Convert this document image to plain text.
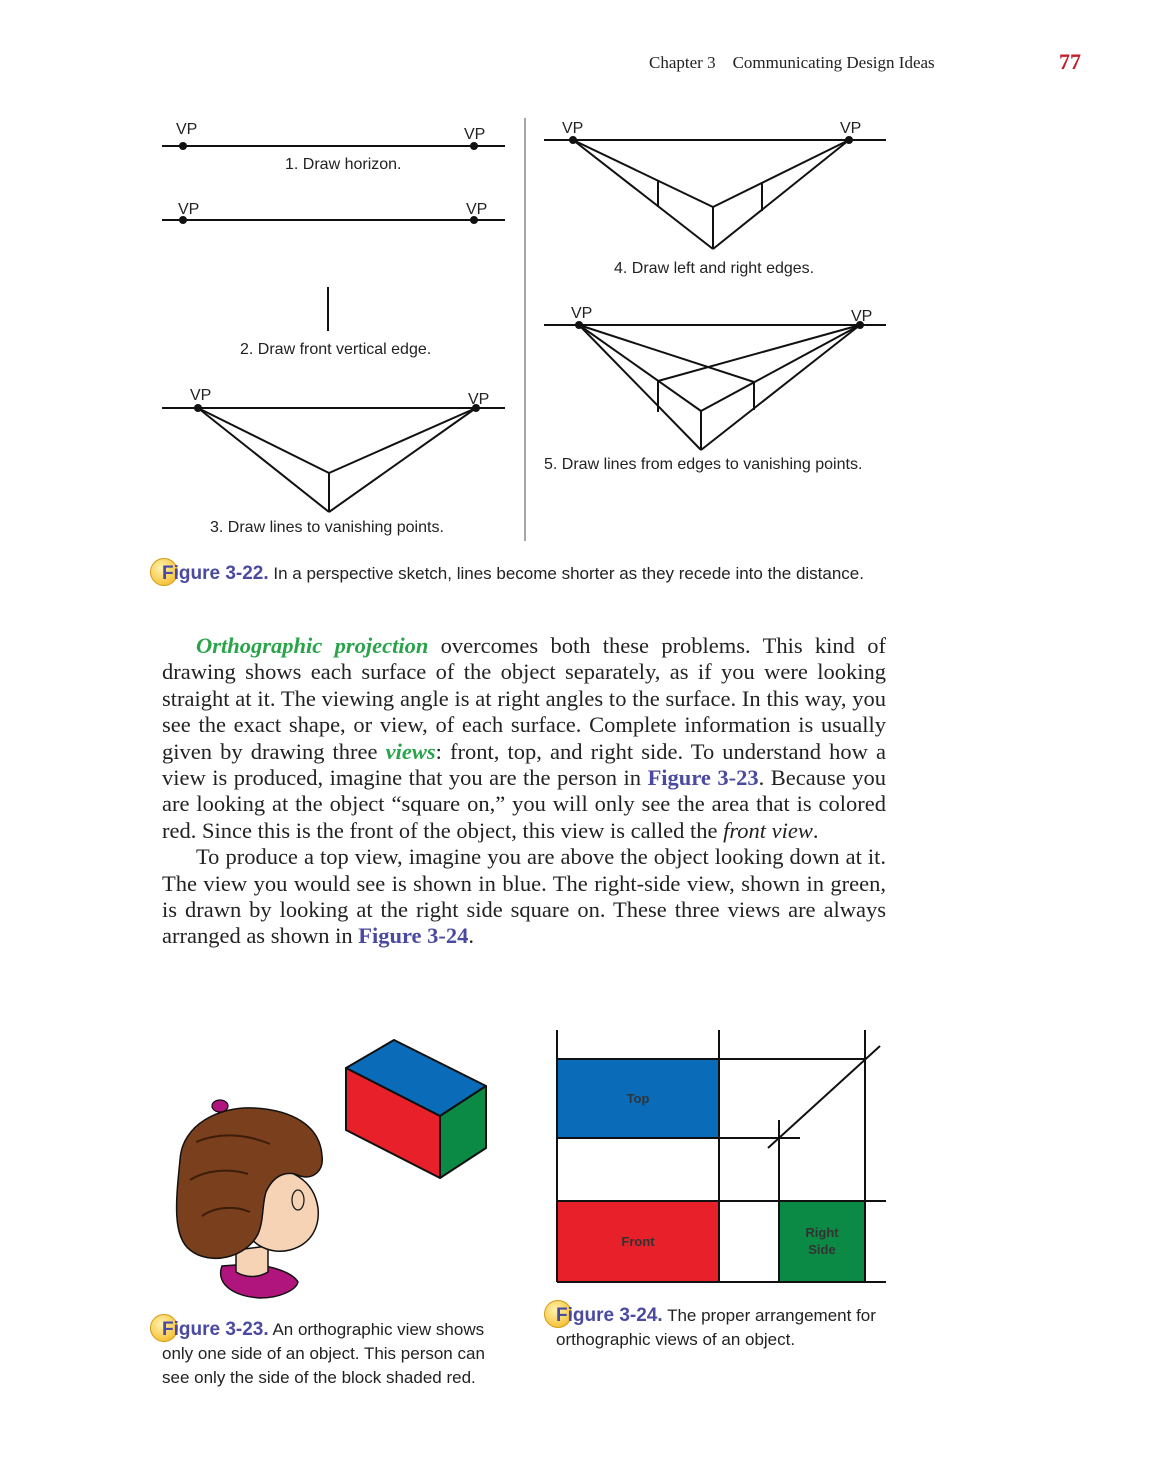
Chapter 3 Communicating Design Ideas	77
VP	VP
VP	VP
VP	VP
VP	VP
VP	VP
1. Draw horizon.
2. Draw front vertical edge.
3. Draw lines to vanishing points.
4. Draw left and right edges.
5. Draw lines from edges to vanishing points.
Figure 3-22. In a perspective sketch, lines become shorter as they recede into the distance.

Orthographic projection overcomes both these problems. This kind of drawing shows each surface of the object separately, as if you were looking straight at it. The viewing angle is at right angles to the surface. In this way, you see the exact shape, or view, of each surface. Complete information is usually given by drawing three views: front, top, and right side. To understand how a view is produced, imagine that you are the person in Figure 3-23. Because you are looking at the object “square on,” you will only see the area that is colored red. Since this is the front of the object, this view is called the front view.

To produce a top view, imagine you are above the object looking down at it. The view you would see is shown in blue. The right-side view, shown in green, is drawn by looking at the right side square on. These three views are always arranged as shown in Figure 3-24.

Figure 3-23. An orthographic view shows only one side of an object. This person can see only the side of the block shaded red.
Top
Front
Right
Side
Figure 3-24. The proper arrangement for orthographic views of an object.
